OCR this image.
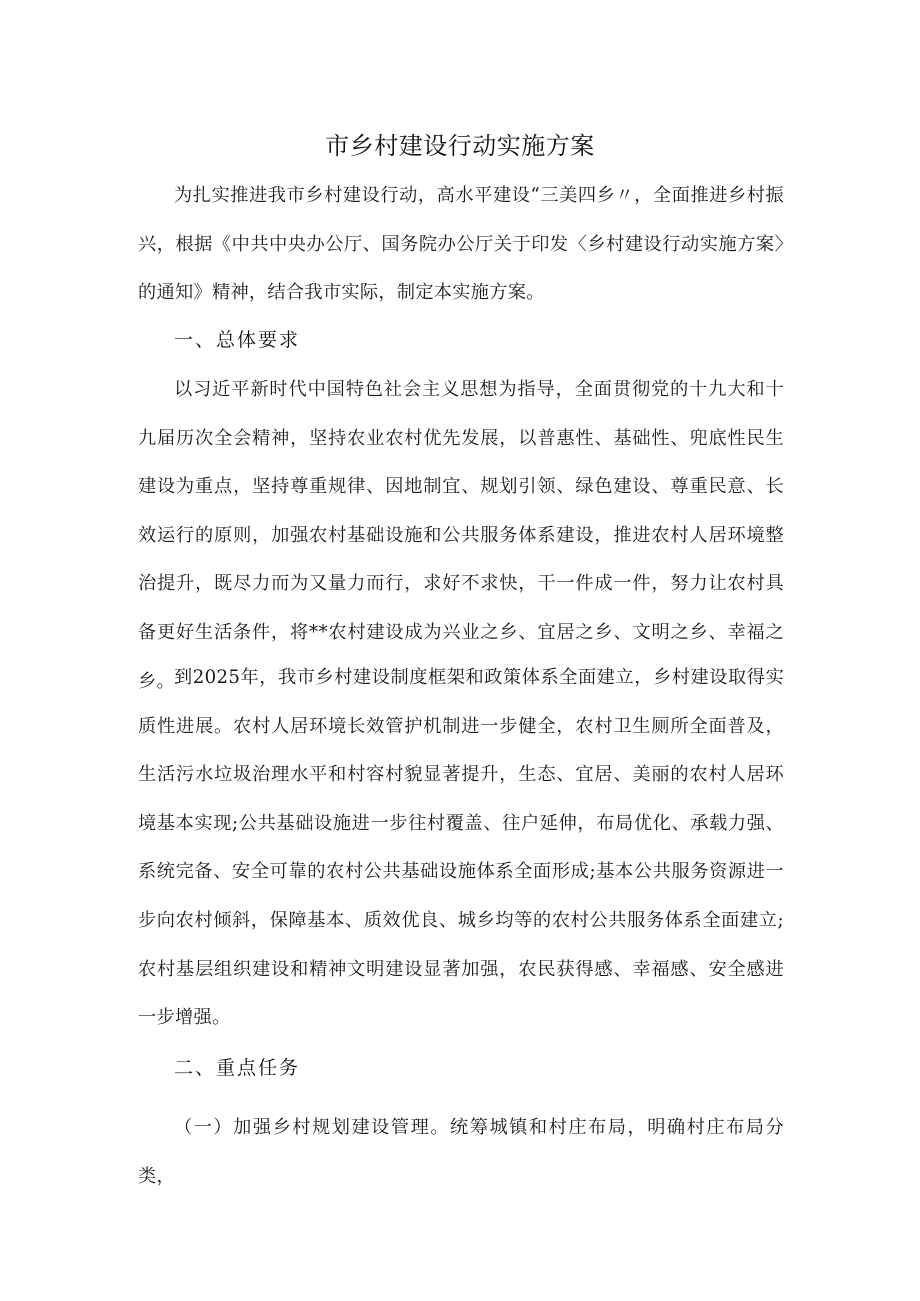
市乡村建设行动实施方案
为扎实推进我市乡村建设行动，高水平建设“三美四乡〃，全面推进乡村振兴，根据《中共中央办公厅、国务院办公厅关于印发〈乡村建设行动实施方案〉的通知》精神，结合我市实际，制定本实施方案。
一、总体要求
以习近平新时代中国特色社会主义思想为指导，全面贯彻党的十九大和十九届历次全会精神，坚持农业农村优先发展，以普惠性、基础性、兜底性民生建设为重点，坚持尊重规律、因地制宜、规划引领、绿色建设、尊重民意、长效运行的原则，加强农村基础设施和公共服务体系建设，推进农村人居环境整治提升，既尽力而为又量力而行，求好不求快，干一件成一件，努力让农村具备更好生活条件，将**农村建设成为兴业之乡、宜居之乡、文明之乡、幸福之乡。 到2025年，我市乡村建设制度框架和政策体系全面建立，乡村建设取得实质性进展。农村人居环境长效管护机制进一步健全，农村卫生厕所全面普及，生活污水垃圾治理水平和村容村貌显著提升，生态、宜居、美丽的农村人居环境基本实现;公共基础设施进一步往村覆盖、往户延伸，布局优化、承载力强、系统完备、安全可靠的农村公共基础设施体系全面形成;基本公共服务资源进一步向农村倾斜，保障基本、质效优良、城乡均等的农村公共服务体系全面建立;农村基层组织建设和精神文明建设显著加强，农民获得感、幸福感、安全感进一步增强。
二、重点任务
（一）加强乡村规划建设管理。统筹城镇和村庄布局，明确村庄布局分类，
